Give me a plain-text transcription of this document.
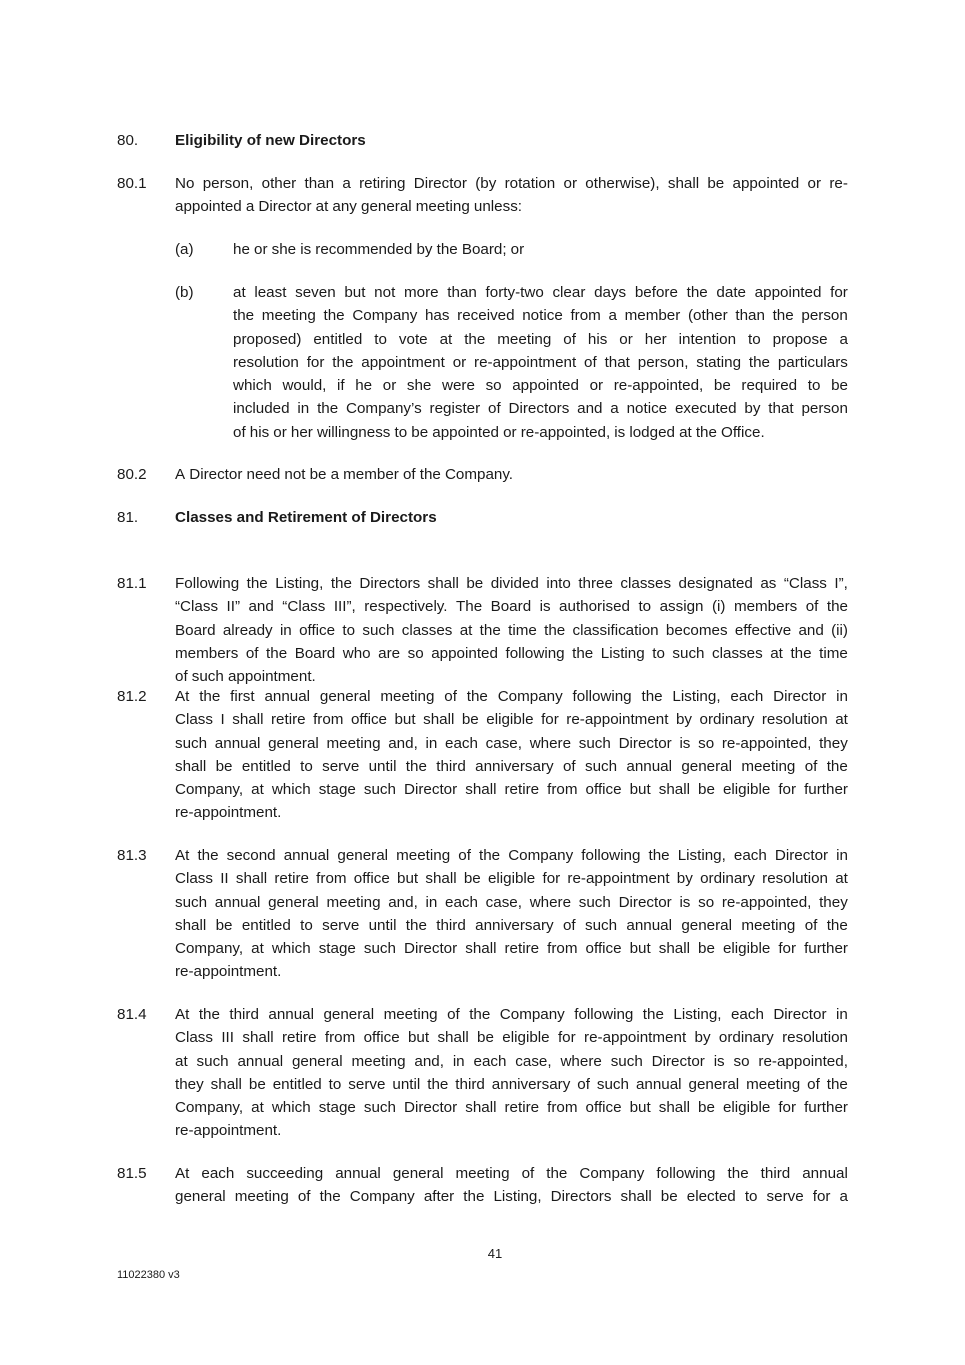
80. Eligibility of new Directors
80.1 No person, other than a retiring Director (by rotation or otherwise), shall be appointed or re-
appointed a Director at any general meeting unless:
(a)	he or she is recommended by the Board; or
(b)	at least seven but not more than forty-two clear days before the date appointed for
the meeting the Company has received notice from a member (other than the person
proposed) entitled to vote at the meeting of his or her intention to propose a
resolution for the appointment or re-appointment of that person, stating the particulars
which would, if he or she were so appointed or re-appointed, be required to be
included in the Company’s register of Directors and a notice executed by that person
of his or her willingness to be appointed or re-appointed, is lodged at the Office.
80.2 A Director need not be a member of the Company.
81. Classes and Retirement of Directors
81.1 Following the Listing, the Directors shall be divided into three classes designated as “Class I”,
“Class II” and “Class III”, respectively. The Board is authorised to assign (i) members of the
Board already in office to such classes at the time the classification becomes effective and (ii)
members of the Board who are so appointed following the Listing to such classes at the time
of such appointment.
81.2 At the first annual general meeting of the Company following the Listing, each Director in
Class I shall retire from office but shall be eligible for re-appointment by ordinary resolution at
such annual general meeting and, in each case, where such Director is so re-appointed, they
shall be entitled to serve until the third anniversary of such annual general meeting of the
Company, at which stage such Director shall retire from office but shall be eligible for further
re-appointment.
81.3 At the second annual general meeting of the Company following the Listing, each Director in
Class II shall retire from office but shall be eligible for re-appointment by ordinary resolution at
such annual general meeting and, in each case, where such Director is so re-appointed, they
shall be entitled to serve until the third anniversary of such annual general meeting of the
Company, at which stage such Director shall retire from office but shall be eligible for further
re-appointment.
81.4 At the third annual general meeting of the Company following the Listing, each Director in
Class III shall retire from office but shall be eligible for re-appointment by ordinary resolution
at such annual general meeting and, in each case, where such Director is so re-appointed,
they shall be entitled to serve until the third anniversary of such annual general meeting of the
Company, at which stage such Director shall retire from office but shall be eligible for further
re-appointment.
81.5 At each succeeding annual general meeting of the Company following the third annual
general meeting of the Company after the Listing, Directors shall be elected to serve for a
41
11022380 v3
